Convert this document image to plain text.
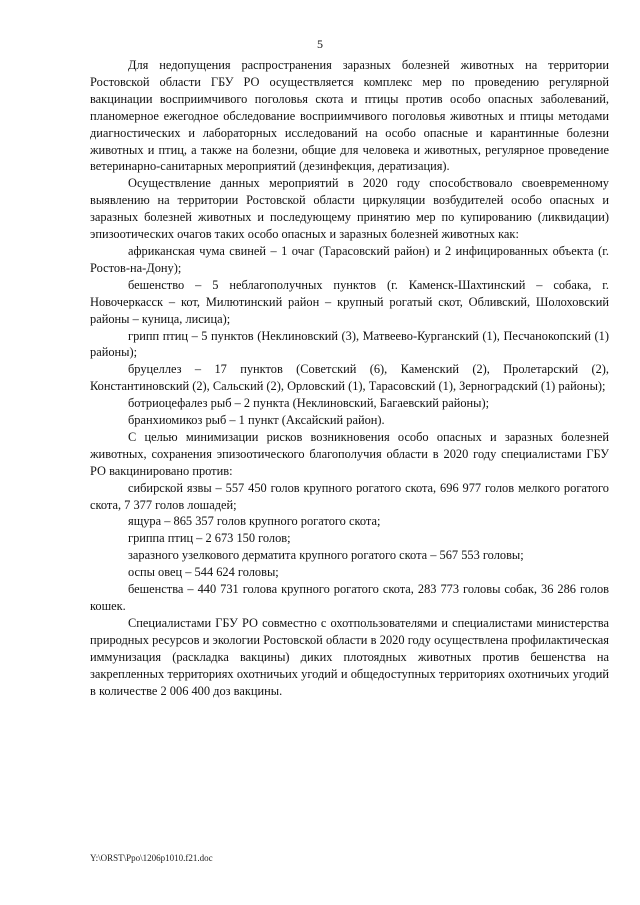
5

Для недопущения распространения заразных болезней животных на территории Ростовской области ГБУ РО осуществляется комплекс мер по проведению регулярной вакцинации восприимчивого поголовья скота и птицы против особо опасных заболеваний, планомерное ежегодное обследование восприимчивого поголовья животных и птицы методами диагностических и лабораторных исследований на особо опасные и карантинные болезни животных и птиц, а также на болезни, общие для человека и животных, регулярное проведение ветеринарно-санитарных мероприятий (дезинфекция, дератизация).

Осуществление данных мероприятий в 2020 году способствовало своевременному выявлению на территории Ростовской области циркуляции возбудителей особо опасных и заразных болезней животных и последующему принятию мер по купированию (ликвидации) эпизоотических очагов таких особо опасных и заразных болезней животных как:

африканская чума свиней – 1 очаг (Тарасовский район) и 2 инфицированных объекта (г. Ростов-на-Дону);

бешенство – 5 неблагополучных пунктов (г. Каменск-Шахтинский – собака, г. Новочеркасск – кот, Милютинский район – крупный рогатый скот, Обливский, Шолоховский районы – куница, лисица);

грипп птиц – 5 пунктов (Неклиновский (3), Матвеево-Курганский (1), Песчанокопский (1) районы);

бруцеллез – 17 пунктов (Советский (6), Каменский (2), Пролетарский (2), Константиновский (2), Сальский (2), Орловский (1), Тарасовский (1), Зерноградский (1) районы);

ботриоцефалез рыб – 2 пункта (Неклиновский, Багаевский районы);

бранхиомикоз рыб – 1 пункт (Аксайский район).

С целью минимизации рисков возникновения особо опасных и заразных болезней животных, сохранения эпизоотического благополучия области в 2020 году специалистами ГБУ РО вакцинировано против:

сибирской язвы – 557 450 голов крупного рогатого скота, 696 977 голов мелкого рогатого скота, 7 377 голов лошадей;

ящура – 865 357 голов крупного рогатого скота;

гриппа птиц – 2 673 150 голов;

заразного узелкового дерматита крупного рогатого скота – 567 553 головы;

оспы овец – 544 624 головы;

бешенства – 440 731 голова крупного рогатого скота, 283 773 головы собак, 36 286 голов кошек.

Специалистами ГБУ РО совместно с охотпользователями и специалистами министерства природных ресурсов и экологии Ростовской области в 2020 году осуществлена профилактическая иммунизация (раскладка вакцины) диких плотоядных животных против бешенства на закрепленных территориях охотничьих угодий и общедоступных территориях охотничьих угодий в количестве 2 006 400 доз вакцины.

Y:\ORST\Ppo\1206p1010.f21.doc
